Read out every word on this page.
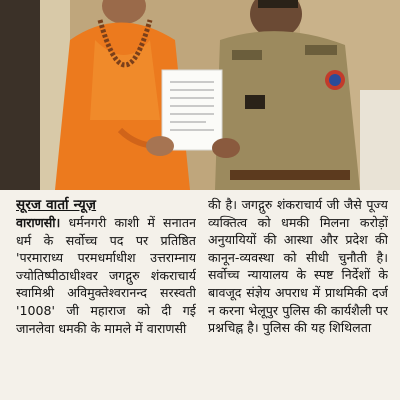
सूरज वार्ता न्यूज़

वाराणसी। धर्मनगरी काशी में सनातन धर्म के सर्वोच्च पद पर प्रतिष्ठित 'परमाराध्य परमधर्माधीश उत्तराम्नाय ज्योतिष्पीठाधीश्वर जगद्गुरु शंकराचार्य स्वामिश्री अविमुक्तेश्वरानन्द सरस्वती '1008' जी महाराज को दी गई जानलेवा धमकी के मामले में वाराणसी

की है। जगद्गुरु शंकराचार्य जी जैसे पूज्य व्यक्तित्व को धमकी मिलना करोड़ों अनुयायियों की आस्था और प्रदेश की कानून-व्यवस्था को सीधी चुनौती है। सर्वोच्च न्यायालय के स्पष्ट निर्देशों के बावजूद संज्ञेय अपराध में प्राथमिकी दर्ज न करना भेलूपुर पुलिस की कार्यशैली पर प्रश्नचिह्न है। पुलिस की यह शिथिलता
